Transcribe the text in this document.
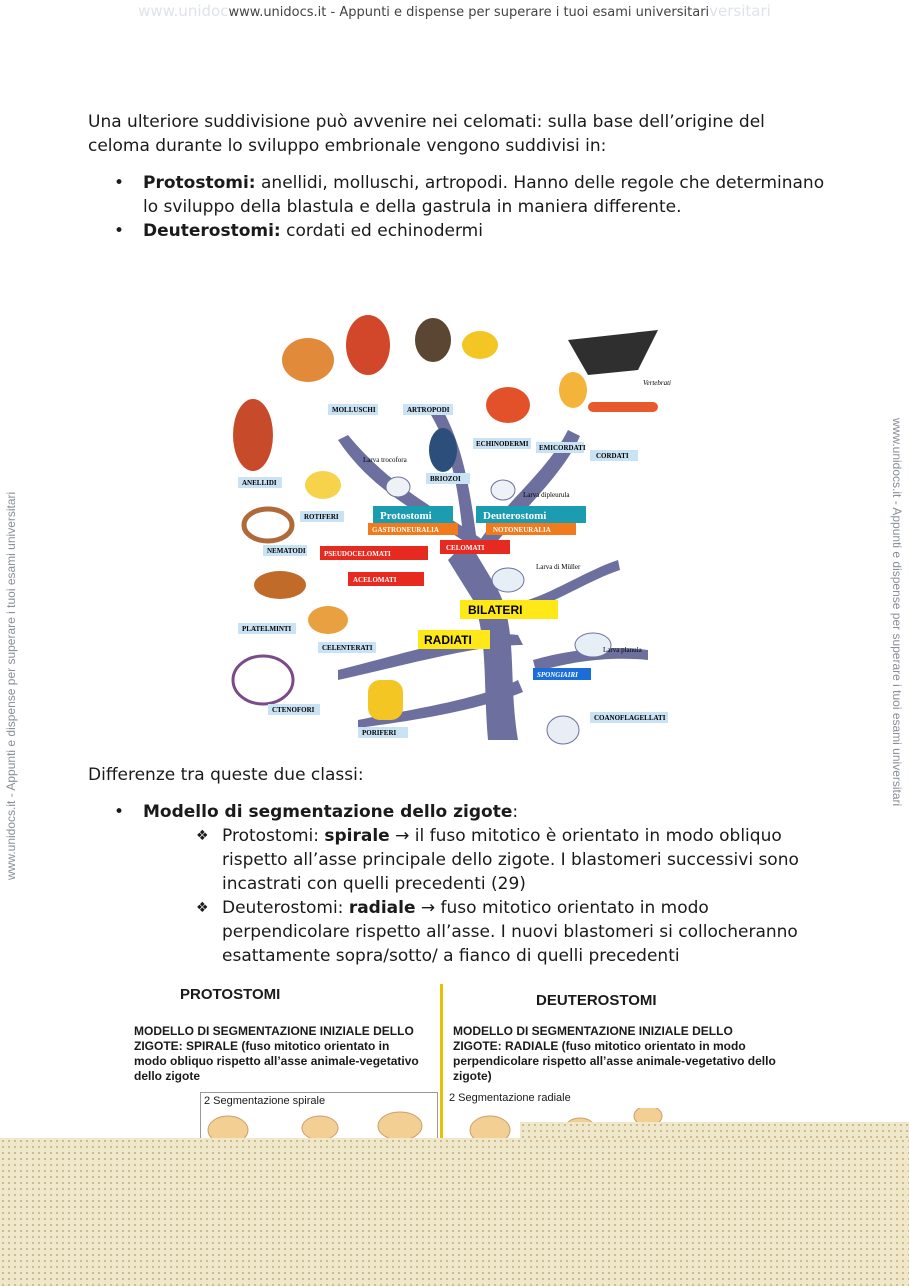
www.unidocwww.unidocs.it - Appunti e dispense per superare i tuoi esami universitariversitari
www.unidocs.it - Appunti e dispense per superare i tuoi esami universitari	www.unidocs.it - Appunti e dispense per superare i tuoi esami universitari
Una ulteriore suddivisione può avvenire nei celomati: sulla base dell’origine del celoma durante lo sviluppo embrionale vengono suddivisi in:
• Protostomi: anellidi, molluschi, artropodi. Hanno delle regole che determinano lo sviluppo della blastula e della gastrula in maniera differente.
• Deuterostomi: cordati ed echinodermi
MOLLUSCHI	ARTROPODI
ECHINODERMI EMICORDATI
CORDATI
Vertebrati
ANELLIDI
Larva trocofora
BRIOZOI
Larva dipleurula
ROTIFERI	Protostomi	Deuterostomi
GASTRONEURALIA	NOTONEURALIA
NEMATODI	PSEUDOCELOMATI
CELOMATI
ACELOMATI
Larva di Müller
BILATERI
PLATELMINTI
CELENTERATI
RADIATI
Larva planula
SPONGIAIRI
CTENOFORI
PORIFERI
COANOFLAGELLATI
Differenze tra queste due classi:
• Modello di segmentazione dello zigote:
❖ Protostomi: spirale → il fuso mitotico è orientato in modo obliquo rispetto all’asse principale dello zigote. I blastomeri successivi sono incastrati con quelli precedenti (29)
❖ Deuterostomi: radiale → fuso mitotico orientato in modo perpendicolare rispetto all’asse. I nuovi blastomeri si collocheranno esattamente sopra/sotto/ a fianco di quelli precedenti
PROTOSTOMI
MODELLO DI SEGMENTAZIONE INIZIALE DELLO ZIGOTE: SPIRALE (fuso mitotico orientato in modo obliquo rispetto all’asse animale-vegetativo dello zigote
2 Segmentazione spirale
DEUTEROSTOMI
MODELLO DI SEGMENTAZIONE INIZIALE DELLO ZIGOTE: RADIALE (fuso mitotico orientato in modo perpendicolare rispetto all’asse animale-vegetativo dello zigote)
2 Segmentazione radiale
